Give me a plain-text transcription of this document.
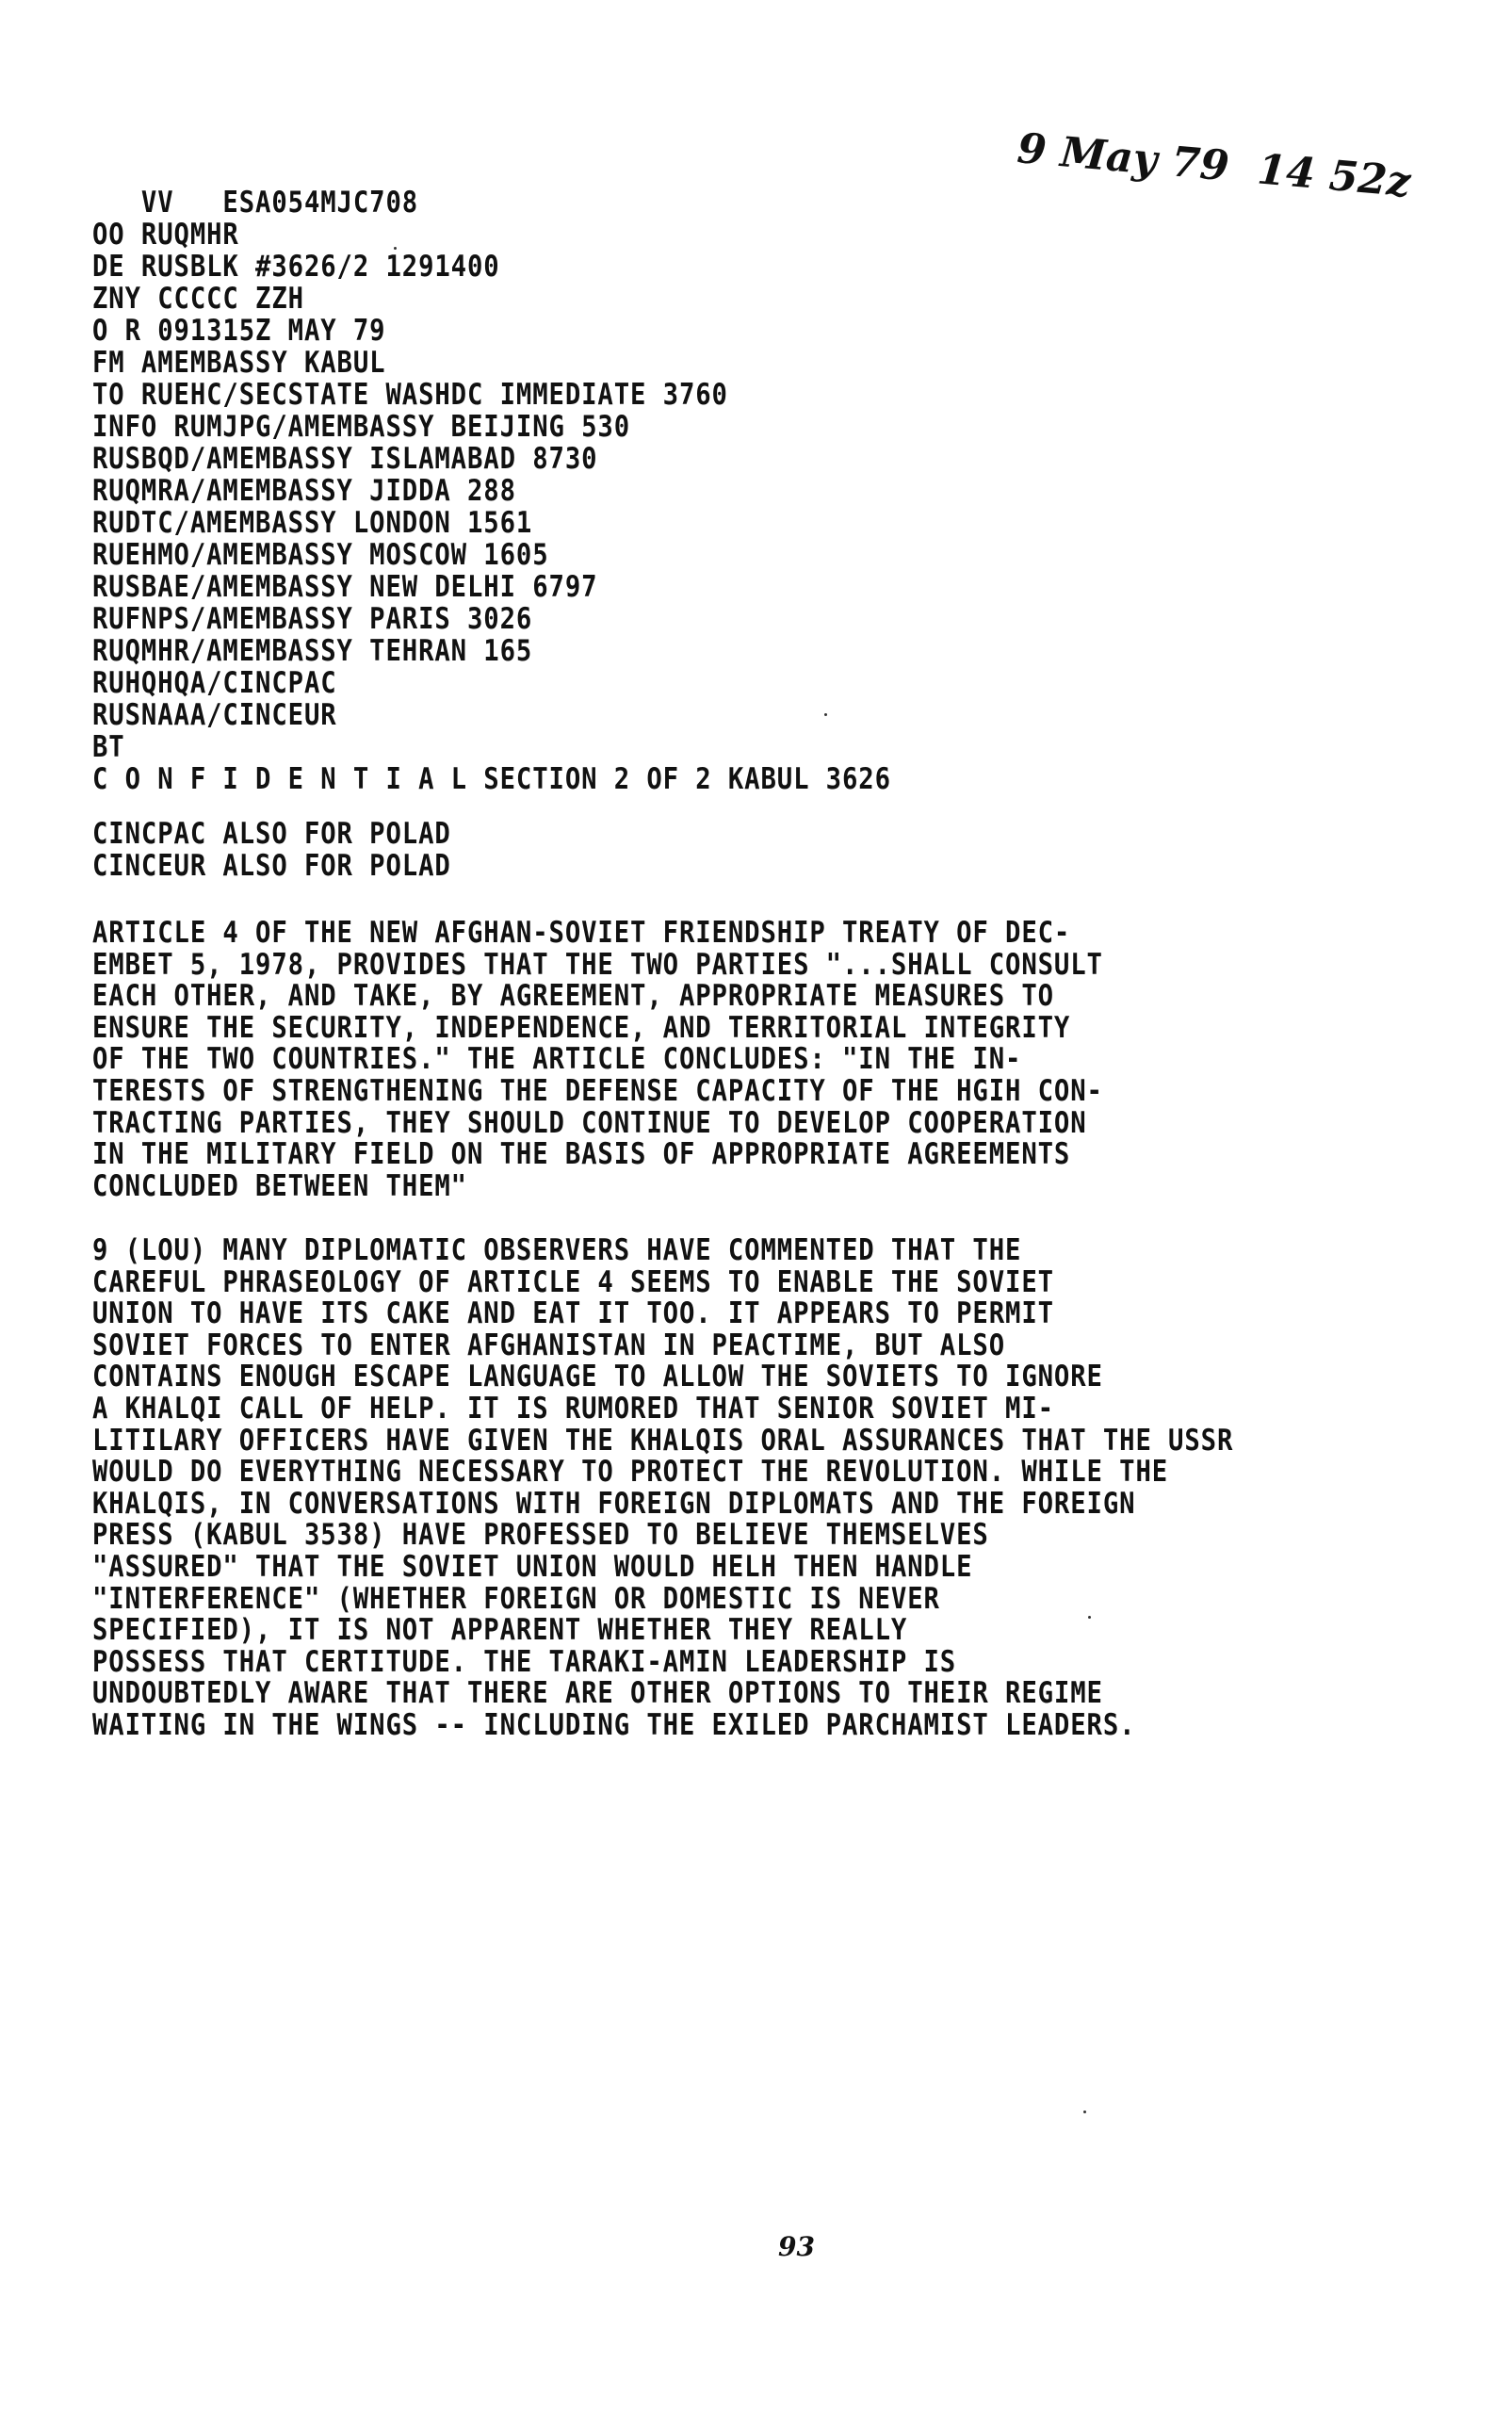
9 May 79  14 52z
VV   ESA054MJC708
OO RUQMHR
DE RUSBLK #3626/2 1291400
ZNY CCCCC ZZH
O R 091315Z MAY 79
FM AMEMBASSY KABUL
TO RUEHC/SECSTATE WASHDC IMMEDIATE 3760
INFO RUMJPG/AMEMBASSY BEIJING 530
RUSBQD/AMEMBASSY ISLAMABAD 8730
RUQMRA/AMEMBASSY JIDDA 288
RUDTC/AMEMBASSY LONDON 1561
RUEHMO/AMEMBASSY MOSCOW 1605
RUSBAE/AMEMBASSY NEW DELHI 6797
RUFNPS/AMEMBASSY PARIS 3026
RUQMHR/AMEMBASSY TEHRAN 165
RUHQHQA/CINCPAC
RUSNAAA/CINCEUR
BT
C O N F I D E N T I A L SECTION 2 OF 2 KABUL 3626
CINCPAC ALSO FOR POLAD
CINCEUR ALSO FOR POLAD
ARTICLE 4 OF THE NEW AFGHAN-SOVIET FRIENDSHIP TREATY OF DEC-
EMBET 5, 1978, PROVIDES THAT THE TWO PARTIES "...SHALL CONSULT
EACH OTHER, AND TAKE, BY AGREEMENT, APPROPRIATE MEASURES TO
ENSURE THE SECURITY, INDEPENDENCE, AND TERRITORIAL INTEGRITY
OF THE TWO COUNTRIES." THE ARTICLE CONCLUDES: "IN THE IN-
TERESTS OF STRENGTHENING THE DEFENSE CAPACITY OF THE HGIH CON-
TRACTING PARTIES, THEY SHOULD CONTINUE TO DEVELOP COOPERATION
IN THE MILITARY FIELD ON THE BASIS OF APPROPRIATE AGREEMENTS
CONCLUDED BETWEEN THEM"
9 (LOU) MANY DIPLOMATIC OBSERVERS HAVE COMMENTED THAT THE
CAREFUL PHRASEOLOGY OF ARTICLE 4 SEEMS TO ENABLE THE SOVIET
UNION TO HAVE ITS CAKE AND EAT IT TOO. IT APPEARS TO PERMIT
SOVIET FORCES TO ENTER AFGHANISTAN IN PEACTIME, BUT ALSO
CONTAINS ENOUGH ESCAPE LANGUAGE TO ALLOW THE SOVIETS TO IGNORE
A KHALQI CALL OF HELP. IT IS RUMORED THAT SENIOR SOVIET MI-
LITILARY OFFICERS HAVE GIVEN THE KHALQIS ORAL ASSURANCES THAT THE USSR
WOULD DO EVERYTHING NECESSARY TO PROTECT THE REVOLUTION. WHILE THE
KHALQIS, IN CONVERSATIONS WITH FOREIGN DIPLOMATS AND THE FOREIGN
PRESS (KABUL 3538) HAVE PROFESSED TO BELIEVE THEMSELVES
"ASSURED" THAT THE SOVIET UNION WOULD HELH THEN HANDLE
"INTERFERENCE" (WHETHER FOREIGN OR DOMESTIC IS NEVER
SPECIFIED), IT IS NOT APPARENT WHETHER THEY REALLY
POSSESS THAT CERTITUDE. THE TARAKI-AMIN LEADERSHIP IS
UNDOUBTEDLY AWARE THAT THERE ARE OTHER OPTIONS TO THEIR REGIME
WAITING IN THE WINGS -- INCLUDING THE EXILED PARCHAMIST LEADERS.
93
